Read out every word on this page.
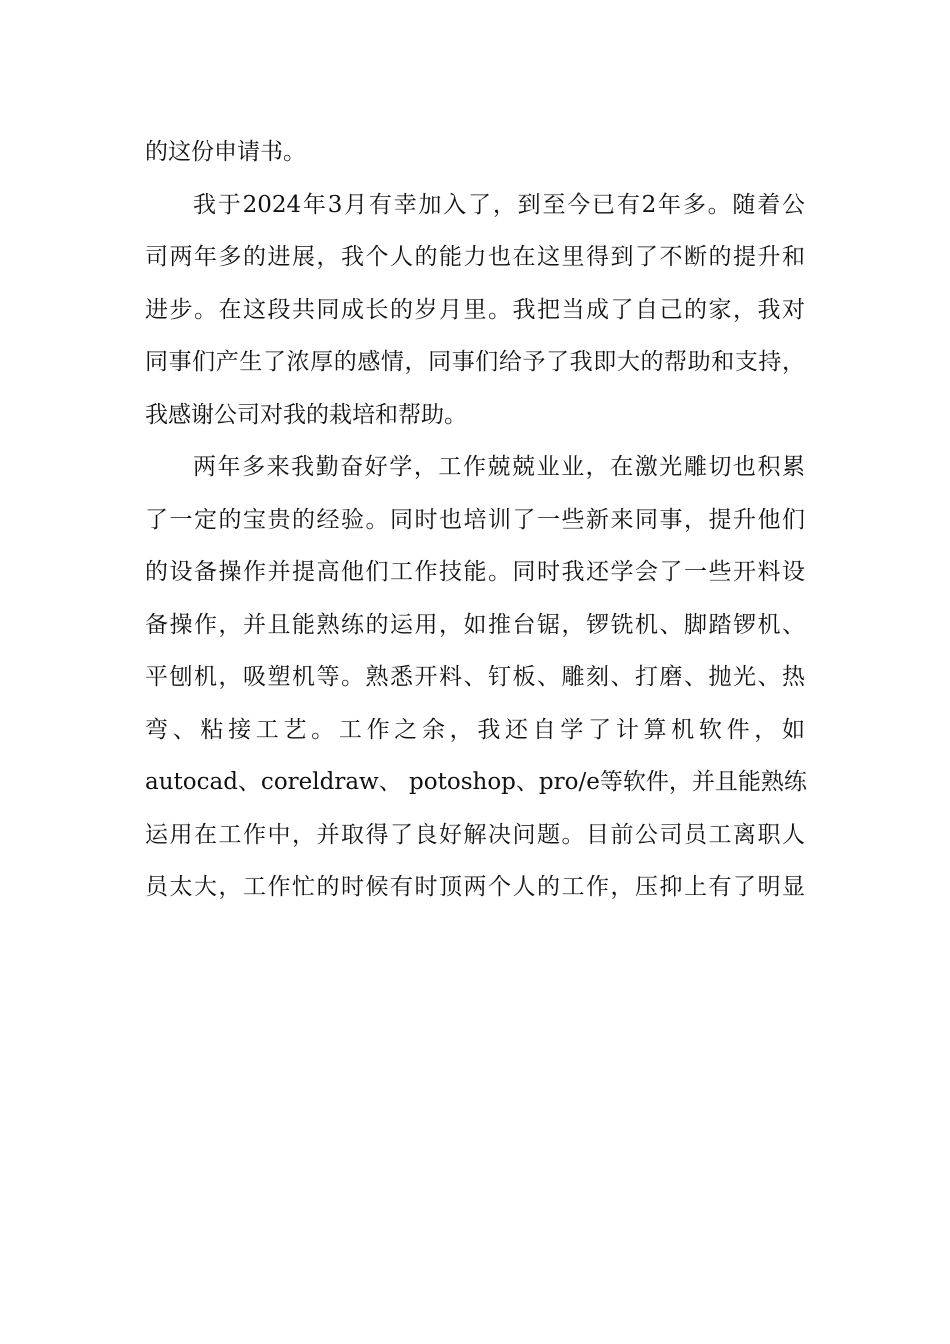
的这份申请书。
我于2024年3月有幸加入了，到至今已有2年多。随着公
司两年多的进展，我个人的能力也在这里得到了不断的提升和
进步。在这段共同成长的岁月里。我把当成了自己的家，我对
同事们产生了浓厚的感情，同事们给予了我即大的帮助和支持，
我感谢公司对我的栽培和帮助。
两年多来我勤奋好学，工作兢兢业业，在激光雕切也积累
了一定的宝贵的经验。同时也培训了一些新来同事，提升他们
的设备操作并提高他们工作技能。同时我还学会了一些开料设
备操作，并且能熟练的运用，如推台锯，锣铣机、脚踏锣机、
平刨机，吸塑机等。熟悉开料、钉板、雕刻、打磨、抛光、热
弯、粘接工艺。工作之余，我还自学了计算机软件，如
autocad、coreldraw、 potoshop、pro/e等软件，并且能熟练
运用在工作中，并取得了良好解决问题。目前公司员工离职人
员太大，工作忙的时候有时顶两个人的工作，压抑上有了明显
